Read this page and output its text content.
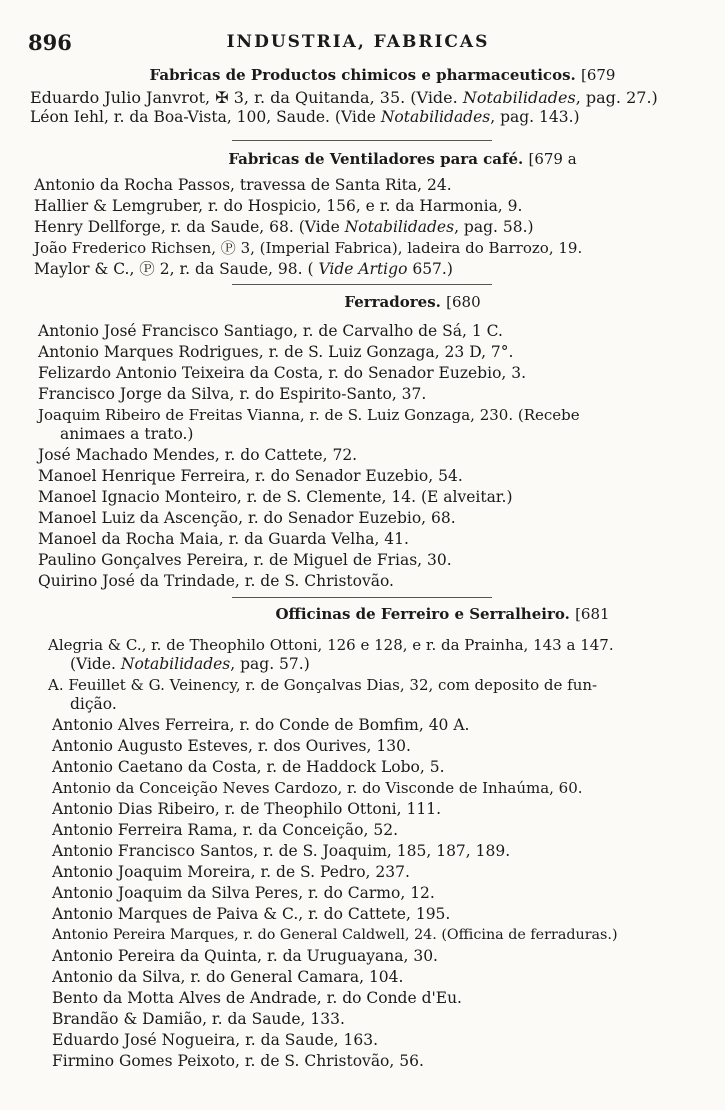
896	INDUSTRIA, FABRICAS
Fabricas de Productos chimicos e pharmaceuticos. [679
Eduardo Julio Janvrot, ✠ 3, r. da Quitanda, 35. (Vide. Notabilidades, pag. 27.)
Léon Iehl, r. da Boa-Vista, 100, Saude. (Vide Notabilidades, pag. 143.)
Fabricas de Ventiladores para café. [679 a
Antonio da Rocha Passos, travessa de Santa Rita, 24.
Hallier & Lemgruber, r. do Hospicio, 156, e r. da Harmonia, 9.
Henry Dellforge, r. da Saude, 68. (Vide Notabilidades, pag. 58.)
João Frederico Richsen, Ⓟ 3, (Imperial Fabrica), ladeira do Barrozo, 19.
Maylor & C., Ⓟ 2, r. da Saude, 98. ( Vide Artigo 657.)
Ferradores. [680
Antonio José Francisco Santiago, r. de Carvalho de Sá, 1 C.
Antonio Marques Rodrigues, r. de S. Luiz Gonzaga, 23 D, 7°.
Felizardo Antonio Teixeira da Costa, r. do Senador Euzebio, 3.
Francisco Jorge da Silva, r. do Espirito-Santo, 37.
Joaquim Ribeiro de Freitas Vianna, r. de S. Luiz Gonzaga, 230. (Recebe
animaes a trato.)
José Machado Mendes, r. do Cattete, 72.
Manoel Henrique Ferreira, r. do Senador Euzebio, 54.
Manoel Ignacio Monteiro, r. de S. Clemente, 14. (E alveitar.)
Manoel Luiz da Ascenção, r. do Senador Euzebio, 68.
Manoel da Rocha Maia, r. da Guarda Velha, 41.
Paulino Gonçalves Pereira, r. de Miguel de Frias, 30.
Quirino José da Trindade, r. de S. Christovão.
Officinas de Ferreiro e Serralheiro. [681
Alegria & C., r. de Theophilo Ottoni, 126 e 128, e r. da Prainha, 143 a 147.
(Vide. Notabilidades, pag. 57.)
A. Feuillet & G. Veinency, r. de Gonçalvas Dias, 32, com deposito de fun-
dição.
Antonio Alves Ferreira, r. do Conde de Bomfim, 40 A.
Antonio Augusto Esteves, r. dos Ourives, 130.
Antonio Caetano da Costa, r. de Haddock Lobo, 5.
Antonio da Conceição Neves Cardozo, r. do Visconde de Inhaúma, 60.
Antonio Dias Ribeiro, r. de Theophilo Ottoni, 111.
Antonio Ferreira Rama, r. da Conceição, 52.
Antonio Francisco Santos, r. de S. Joaquim, 185, 187, 189.
Antonio Joaquim Moreira, r. de S. Pedro, 237.
Antonio Joaquim da Silva Peres, r. do Carmo, 12.
Antonio Marques de Paiva & C., r. do Cattete, 195.
Antonio Pereira Marques, r. do General Caldwell, 24. (Officina de ferraduras.)
Antonio Pereira da Quinta, r. da Uruguayana, 30.
Antonio da Silva, r. do General Camara, 104.
Bento da Motta Alves de Andrade, r. do Conde d'Eu.
Brandão & Damião, r. da Saude, 133.
Eduardo José Nogueira, r. da Saude, 163.
Firmino Gomes Peixoto, r. de S. Christovão, 56.
